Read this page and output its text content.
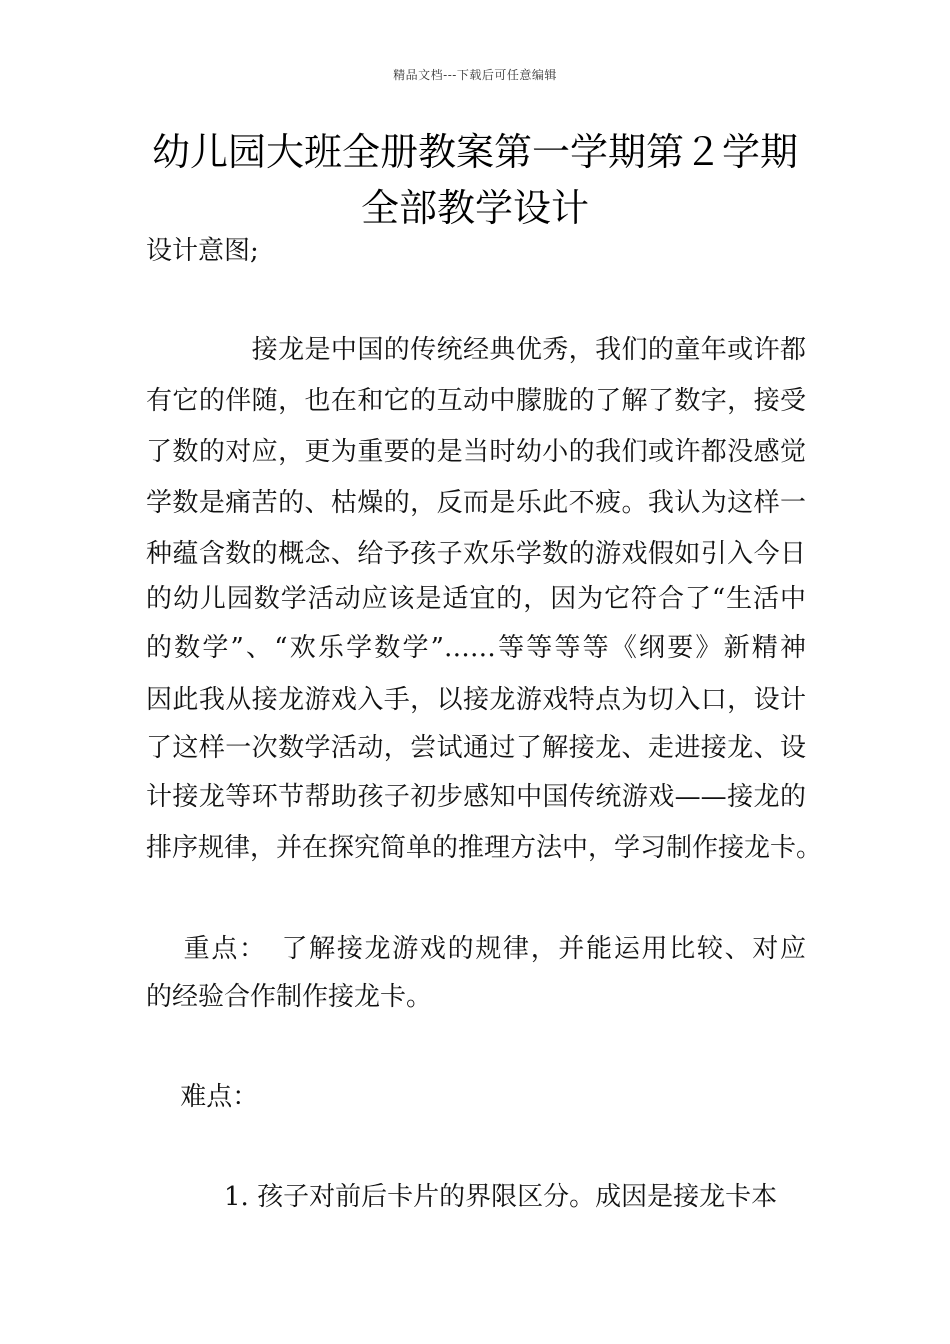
精品文档---下载后可任意编辑
幼儿园大班全册教案第一学期第２学期
全部教学设计
设计意图;
　　　　接龙是中国的传统经典优秀，我们的童年或许都
有它的伴随，也在和它的互动中朦胧的了解了数字，接受
了数的对应，更为重要的是当时幼小的我们或许都没感觉
学数是痛苦的、枯燥的，反而是乐此不疲。我认为这样一
种蕴含数的概念、给予孩子欢乐学数的游戏假如引入今日
的幼儿园数学活动应该是适宜的，因为它符合了“生活中
的数学”、“欢乐学数学”……等等等等《纲要》新精神
因此我从接龙游戏入手，以接龙游戏特点为切入口，设计
了这样一次数学活动，尝试通过了解接龙、走进接龙、设
计接龙等环节帮助孩子初步感知中国传统游戏——接龙的
排序规律，并在探究简单的推理方法中，学习制作接龙卡。
　 重点：　了解接龙游戏的规律，并能运用比较、对应
的经验合作制作接龙卡。
　 难点：
　　　1. 孩子对前后卡片的界限区分。成因是接龙卡本
